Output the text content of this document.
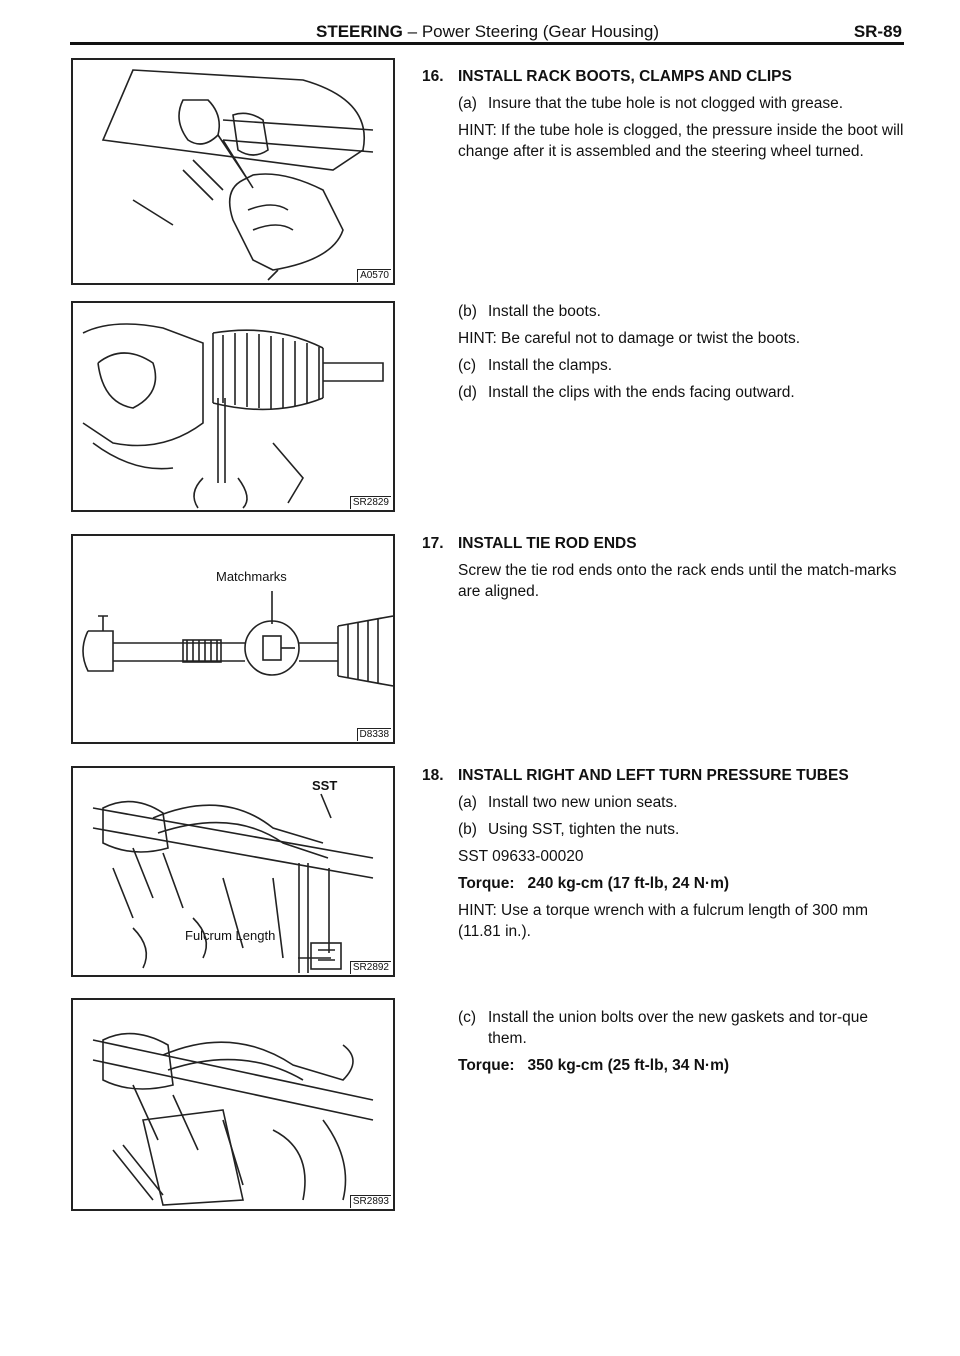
STEERING – Power Steering (Gear Housing)	SR-89
A0570
SR2829
Matchmarks
D8338
SST
Fulcrum Length
SR2892
SR2893
16. INSTALL RACK BOOTS, CLAMPS AND CLIPS
(a) Insure that the tube hole is not clogged with grease.
HINT: If the tube hole is clogged, the pressure inside the boot will change after it is assembled and the steering wheel turned.
(b) Install the boots.
HINT: Be careful not to damage or twist the boots.
(c) Install the clamps.
(d) Install the clips with the ends facing outward.
17. INSTALL TIE ROD ENDS
Screw the tie rod ends onto the rack ends until the match-marks are aligned.
18. INSTALL RIGHT AND LEFT TURN PRESSURE TUBES
(a) Install two new union seats.
(b) Using SST, tighten the nuts.
SST 09633-00020
Torque: 240 kg-cm (17 ft-lb, 24 N·m)
HINT: Use a torque wrench with a fulcrum length of 300 mm (11.81 in.).
(c) Install the union bolts over the new gaskets and tor-que them.
Torque: 350 kg-cm (25 ft-lb, 34 N·m)
